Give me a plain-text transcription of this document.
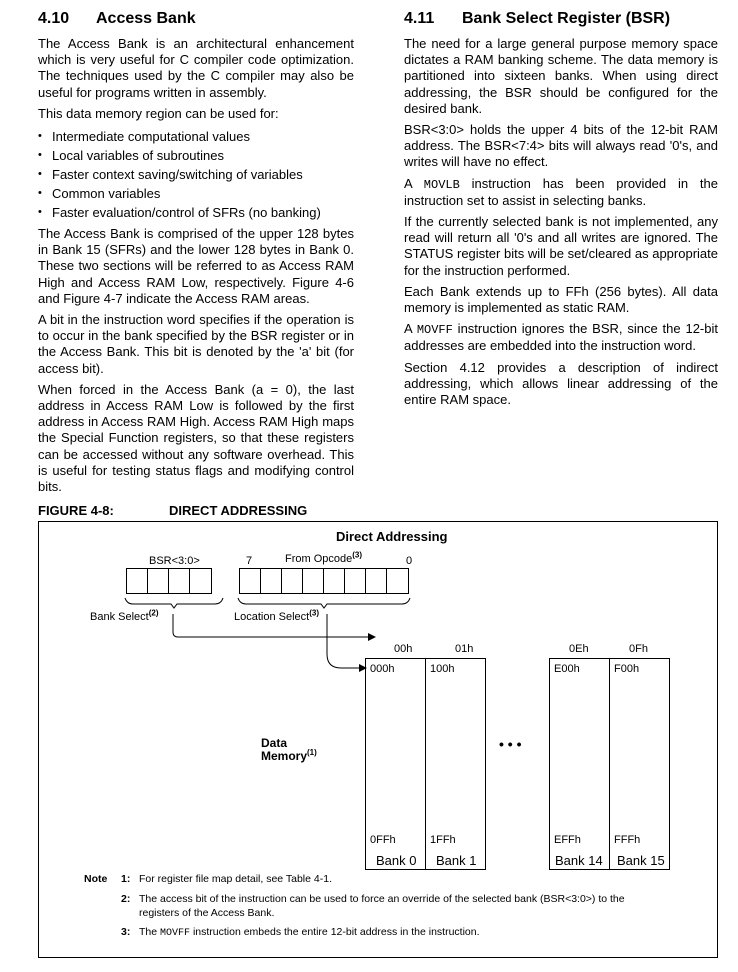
4.10 Access Bank

The Access Bank is an architectural enhancement which is very useful for C compiler code optimization. The techniques used by the C compiler may also be useful for programs written in assembly.

This data memory region can be used for:

• Intermediate computational values
• Local variables of subroutines
• Faster context saving/switching of variables
• Common variables
• Faster evaluation/control of SFRs (no banking)

The Access Bank is comprised of the upper 128 bytes in Bank 15 (SFRs) and the lower 128 bytes in Bank 0. These two sections will be referred to as Access RAM High and Access RAM Low, respectively. Figure 4-6 and Figure 4-7 indicate the Access RAM areas.

A bit in the instruction word specifies if the operation is to occur in the bank specified by the BSR register or in the Access Bank. This bit is denoted by the 'a' bit (for access bit).

When forced in the Access Bank (a = 0), the last address in Access RAM Low is followed by the first address in Access RAM High. Access RAM High maps the Special Function registers, so that these registers can be accessed without any software overhead. This is useful for testing status flags and modifying control bits.

4.11 Bank Select Register (BSR)

The need for a large general purpose memory space dictates a RAM banking scheme. The data memory is partitioned into sixteen banks. When using direct addressing, the BSR should be configured for the desired bank.

BSR<3:0> holds the upper 4 bits of the 12-bit RAM address. The BSR<7:4> bits will always read '0's, and writes will have no effect.

A MOVLB instruction has been provided in the instruction set to assist in selecting banks.

If the currently selected bank is not implemented, any read will return all '0's and all writes are ignored. The STATUS register bits will be set/cleared as appropriate for the instruction performed.

Each Bank extends up to FFh (256 bytes). All data memory is implemented as static RAM.

A MOVFF instruction ignores the BSR, since the 12-bit addresses are embedded into the instruction word.

Section 4.12 provides a description of indirect addressing, which allows linear addressing of the entire RAM space.

FIGURE 4-8:	DIRECT ADDRESSING
Direct Addressing
BSR<3:0>	7	From Opcode$^{(3)}$
0
Bank Select$^{(2)}$	Location Select$^{(3)}$
00h	01h	0Eh	0Fh
000h	100h	E00h	F00h
0FFh	1FFh	EFFh	FFFh
Bank 0 Bank 1	Bank 14 Bank 15
• • •
Data
Memory$^{(1)}$
Note 1: For register file map detail, see Table 4-1.
2: The access bit of the instruction can be used to force an override of the selected bank (BSR<3:0>) to the
registers of the Access Bank.
3: The MOVFF instruction embeds the entire 12-bit address in the instruction.
